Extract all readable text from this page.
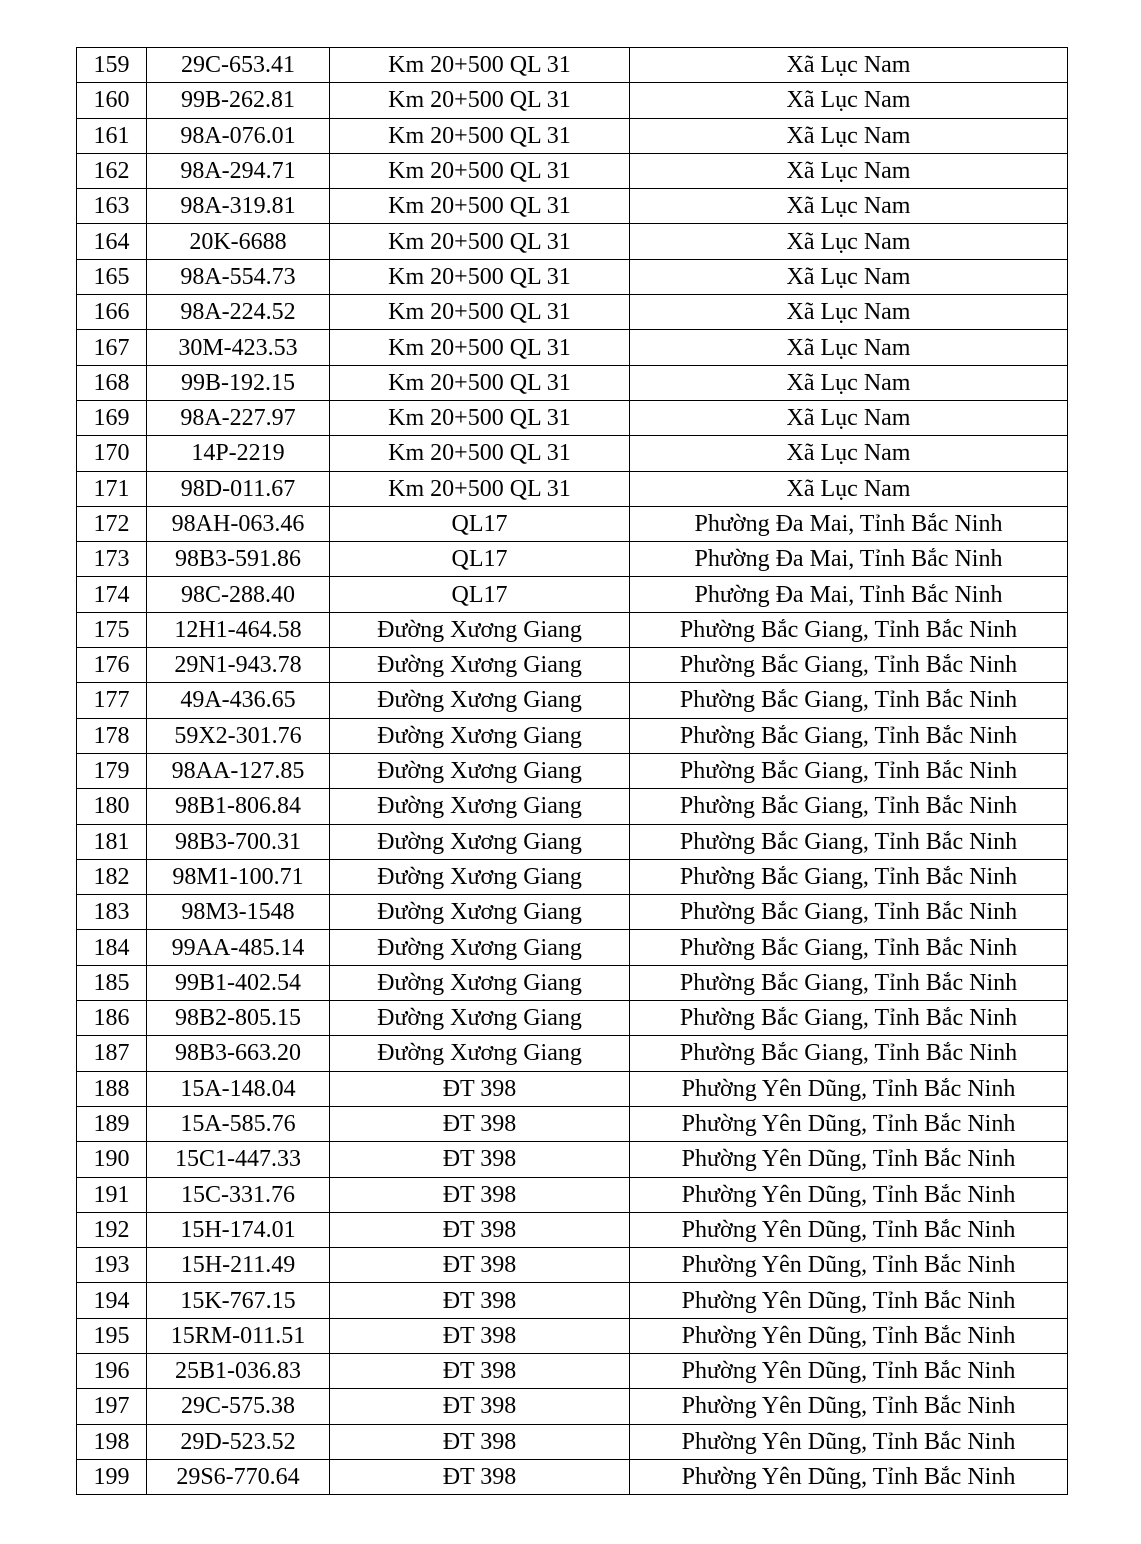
159	29C-653.41	Km 20+500 QL 31	Xã Lục Nam
160	99B-262.81	Km 20+500 QL 31	Xã Lục Nam
161	98A-076.01	Km 20+500 QL 31	Xã Lục Nam
162	98A-294.71	Km 20+500 QL 31	Xã Lục Nam
163	98A-319.81	Km 20+500 QL 31	Xã Lục Nam
164	20K-6688	Km 20+500 QL 31	Xã Lục Nam
165	98A-554.73	Km 20+500 QL 31	Xã Lục Nam
166	98A-224.52	Km 20+500 QL 31	Xã Lục Nam
167	30M-423.53	Km 20+500 QL 31	Xã Lục Nam
168	99B-192.15	Km 20+500 QL 31	Xã Lục Nam
169	98A-227.97	Km 20+500 QL 31	Xã Lục Nam
170	14P-2219	Km 20+500 QL 31	Xã Lục Nam
171	98D-011.67	Km 20+500 QL 31	Xã Lục Nam
172	98AH-063.46	QL17	Phường Đa Mai, Tỉnh Bắc Ninh
173	98B3-591.86	QL17	Phường Đa Mai, Tỉnh Bắc Ninh
174	98C-288.40	QL17	Phường Đa Mai, Tỉnh Bắc Ninh
175	12H1-464.58	Đường Xương Giang	Phường Bắc Giang, Tỉnh Bắc Ninh
176	29N1-943.78	Đường Xương Giang	Phường Bắc Giang, Tỉnh Bắc Ninh
177	49A-436.65	Đường Xương Giang	Phường Bắc Giang, Tỉnh Bắc Ninh
178	59X2-301.76	Đường Xương Giang	Phường Bắc Giang, Tỉnh Bắc Ninh
179	98AA-127.85	Đường Xương Giang	Phường Bắc Giang, Tỉnh Bắc Ninh
180	98B1-806.84	Đường Xương Giang	Phường Bắc Giang, Tỉnh Bắc Ninh
181	98B3-700.31	Đường Xương Giang	Phường Bắc Giang, Tỉnh Bắc Ninh
182	98M1-100.71	Đường Xương Giang	Phường Bắc Giang, Tỉnh Bắc Ninh
183	98M3-1548	Đường Xương Giang	Phường Bắc Giang, Tỉnh Bắc Ninh
184	99AA-485.14	Đường Xương Giang	Phường Bắc Giang, Tỉnh Bắc Ninh
185	99B1-402.54	Đường Xương Giang	Phường Bắc Giang, Tỉnh Bắc Ninh
186	98B2-805.15	Đường Xương Giang	Phường Bắc Giang, Tỉnh Bắc Ninh
187	98B3-663.20	Đường Xương Giang	Phường Bắc Giang, Tỉnh Bắc Ninh
188	15A-148.04	ĐT 398	Phường Yên Dũng, Tỉnh Bắc Ninh
189	15A-585.76	ĐT 398	Phường Yên Dũng, Tỉnh Bắc Ninh
190	15C1-447.33	ĐT 398	Phường Yên Dũng, Tỉnh Bắc Ninh
191	15C-331.76	ĐT 398	Phường Yên Dũng, Tỉnh Bắc Ninh
192	15H-174.01	ĐT 398	Phường Yên Dũng, Tỉnh Bắc Ninh
193	15H-211.49	ĐT 398	Phường Yên Dũng, Tỉnh Bắc Ninh
194	15K-767.15	ĐT 398	Phường Yên Dũng, Tỉnh Bắc Ninh
195	15RM-011.51	ĐT 398	Phường Yên Dũng, Tỉnh Bắc Ninh
196	25B1-036.83	ĐT 398	Phường Yên Dũng, Tỉnh Bắc Ninh
197	29C-575.38	ĐT 398	Phường Yên Dũng, Tỉnh Bắc Ninh
198	29D-523.52	ĐT 398	Phường Yên Dũng, Tỉnh Bắc Ninh
199	29S6-770.64	ĐT 398	Phường Yên Dũng, Tỉnh Bắc Ninh
